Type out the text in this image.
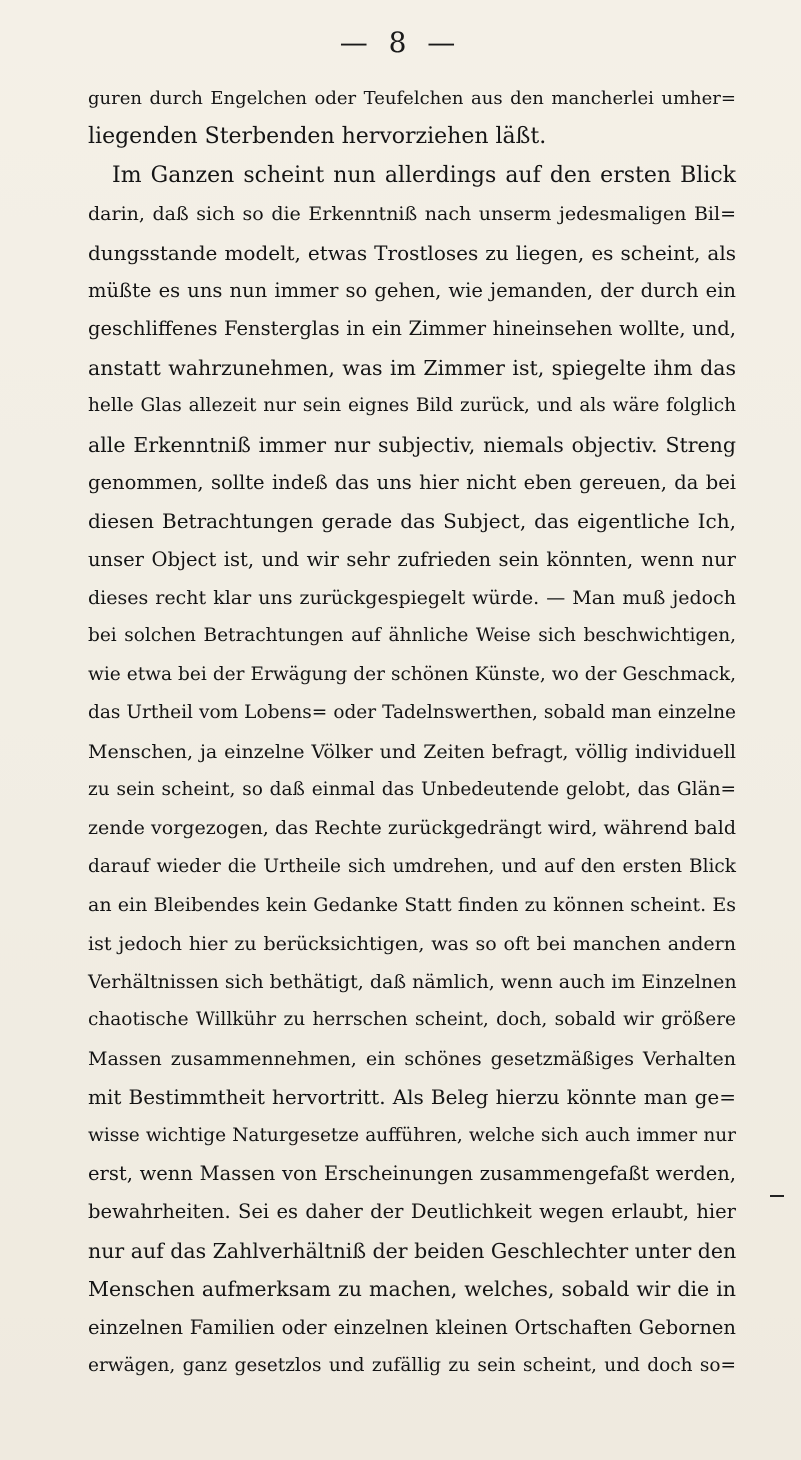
— 8 —
guren durch Engelchen oder Teufelchen aus den mancherlei umher=
liegenden Sterbenden hervorziehen läßt.
Im Ganzen scheint nun allerdings auf den ersten Blick
darin, daß sich so die Erkenntniß nach unserm jedesmaligen Bil=
dungsstande modelt, etwas Trostloses zu liegen, es scheint, als
müßte es uns nun immer so gehen, wie jemanden, der durch ein
geschliffenes Fensterglas in ein Zimmer hineinsehen wollte, und,
anstatt wahrzunehmen, was im Zimmer ist, spiegelte ihm das
helle Glas allezeit nur sein eignes Bild zurück, und als wäre folglich
alle Erkenntniß immer nur subjectiv, niemals objectiv. Streng
genommen, sollte indeß das uns hier nicht eben gereuen, da bei
diesen Betrachtungen gerade das Subject, das eigentliche Ich,
unser Object ist, und wir sehr zufrieden sein könnten, wenn nur
dieses recht klar uns zurückgespiegelt würde. — Man muß jedoch
bei solchen Betrachtungen auf ähnliche Weise sich beschwichtigen,
wie etwa bei der Erwägung der schönen Künste, wo der Geschmack,
das Urtheil vom Lobens= oder Tadelnswerthen, sobald man einzelne
Menschen, ja einzelne Völker und Zeiten befragt, völlig individuell
zu sein scheint, so daß einmal das Unbedeutende gelobt, das Glän=
zende vorgezogen, das Rechte zurückgedrängt wird, während bald
darauf wieder die Urtheile sich umdrehen, und auf den ersten Blick
an ein Bleibendes kein Gedanke Statt finden zu können scheint. Es
ist jedoch hier zu berücksichtigen, was so oft bei manchen andern
Verhältnissen sich bethätigt, daß nämlich, wenn auch im Einzelnen
chaotische Willkühr zu herrschen scheint, doch, sobald wir größere
Massen zusammennehmen, ein schönes gesetzmäßiges Verhalten
mit Bestimmtheit hervortritt. Als Beleg hierzu könnte man ge=
wisse wichtige Naturgesetze aufführen, welche sich auch immer nur
erst, wenn Massen von Erscheinungen zusammengefaßt werden,
bewahrheiten. Sei es daher der Deutlichkeit wegen erlaubt, hier
nur auf das Zahlverhältniß der beiden Geschlechter unter den
Menschen aufmerksam zu machen, welches, sobald wir die in
einzelnen Familien oder einzelnen kleinen Ortschaften Gebornen
erwägen, ganz gesetzlos und zufällig zu sein scheint, und doch so=
